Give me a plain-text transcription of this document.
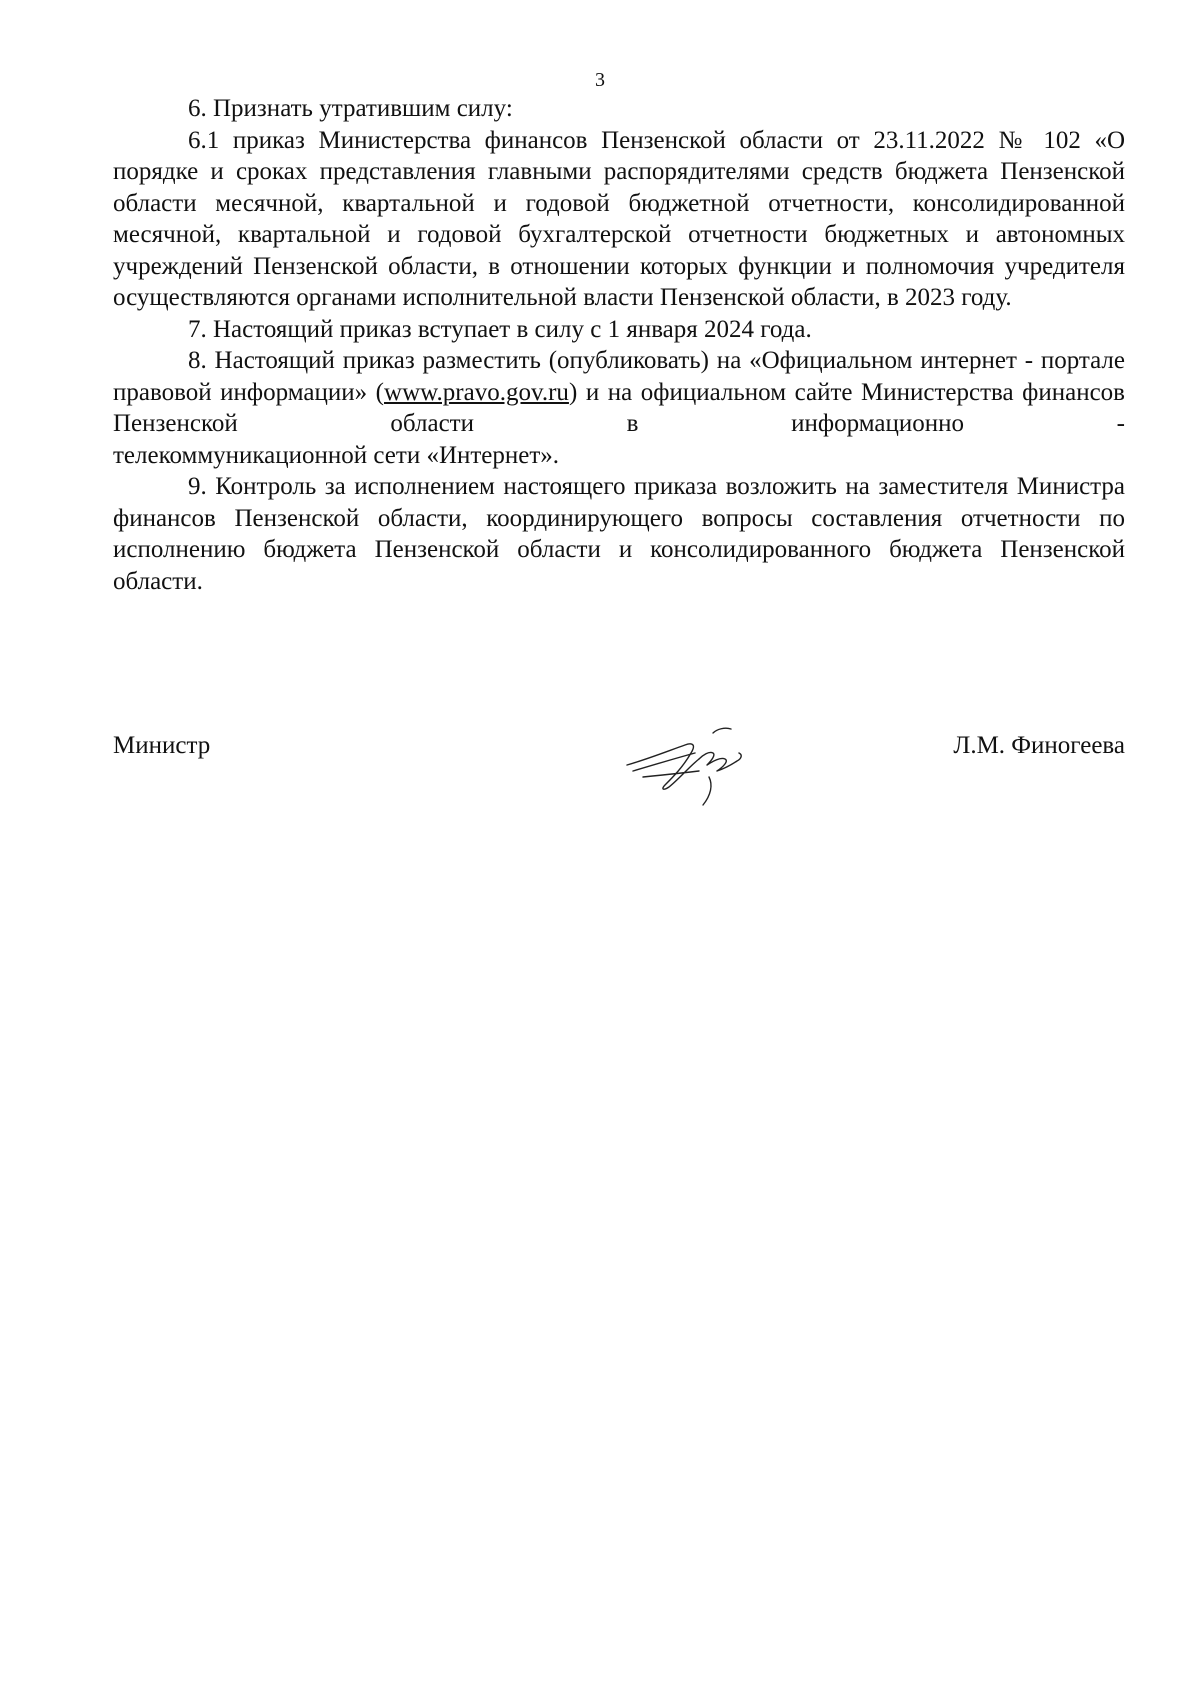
3

6. Признать утратившим силу:

6.1 приказ Министерства финансов Пензенской области от 23.11.2022 № 102 «О порядке и сроках представления главными распорядителями средств бюджета Пензенской области месячной, квартальной и годовой бюджетной отчетности, консолидированной месячной, квартальной и годовой бухгалтерской отчетности бюджетных и автономных учреждений Пензенской области, в отношении которых функции и полномочия учредителя осуществляются органами исполнительной власти Пензенской области, в 2023 году.

7. Настоящий приказ вступает в силу с 1 января 2024 года.

8. Настоящий приказ разместить (опубликовать) на «Официальном интернет - портале правовой информации» (www.pravo.gov.ru) и на официальном сайте Министерства финансов Пензенской области в информационно -

телекоммуникационной сети «Интернет».

9. Контроль за исполнением настоящего приказа возложить на заместителя Министра финансов Пензенской области, координирующего вопросы составления отчетности по исполнению бюджета Пензенской области и консолидированного бюджета Пензенской области.

Министр	Л.М. Финогеева
